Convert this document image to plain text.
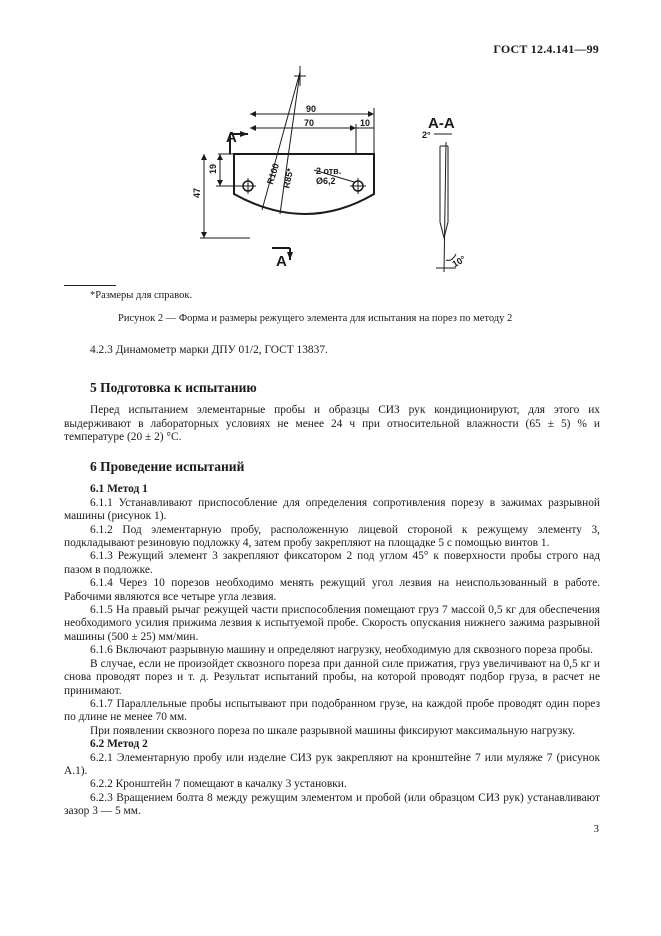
ГОСТ 12.4.141—99
90
70	10
19
47
R100 R85* 2 отв.
Ø6,2
2°
10°
A
A
A-A
*Размеры для справок.
Рисунок 2 — Форма и размеры режущего элемента для испытания на порез по методу 2

4.2.3 Динамометр марки ДПУ 01/2, ГОСТ 13837.

5 Подготовка к испытанию

Перед испытанием элементарные пробы и образцы СИЗ рук кондиционируют, для этого их выдерживают в лабораторных условиях не менее 24 ч при относительной влажности (65 ± 5) % и температуре (20 ± 2) °С.

6 Проведение испытаний
6.1 Метод 1

6.1.1 Устанавливают приспособление для определения сопротивления порезу в зажимах разрывной машины (рисунок 1).

6.1.2 Под элементарную пробу, расположенную лицевой стороной к режущему элементу 3, подкладывают резиновую подложку 4, затем пробу закрепляют на площадке 5 с помощью винтов 1.

6.1.3 Режущий элемент 3 закрепляют фиксатором 2 под углом 45° к поверхности пробы строго над пазом в подложке.

6.1.4 Через 10 порезов необходимо менять режущий угол лезвия на неиспользованный в работе. Рабочими являются все четыре угла лезвия.

6.1.5 На правый рычаг режущей части приспособления помещают груз 7 массой 0,5 кг для обеспечения необходимого усилия прижима лезвия к испытуемой пробе. Скорость опускания нижнего зажима разрывной машины (500 ± 25) мм/мин.

6.1.6 Включают разрывную машину и определяют нагрузку, необходимую для сквозного пореза пробы.

В случае, если не произойдет сквозного пореза при данной силе прижатия, груз увеличивают на 0,5 кг и снова проводят порез и т. д. Результат испытаний пробы, на которой проводят подбор груза, в расчет не принимают.

6.1.7 Параллельные пробы испытывают при подобранном грузе, на каждой пробе проводят один порез по длине не менее 70 мм.

При появлении сквозного пореза по шкале разрывной машины фиксируют максимальную нагрузку.

6.2 Метод 2

6.2.1 Элементарную пробу или изделие СИЗ рук закрепляют на кронштейне 7 или муляже 7 (рисунок А.1).

6.2.2 Кронштейн 7 помещают в качалку 3 установки.

6.2.3 Вращением болта 8 между режущим элементом и пробой (или образцом СИЗ рук) устанавливают зазор 3 — 5 мм.

3
